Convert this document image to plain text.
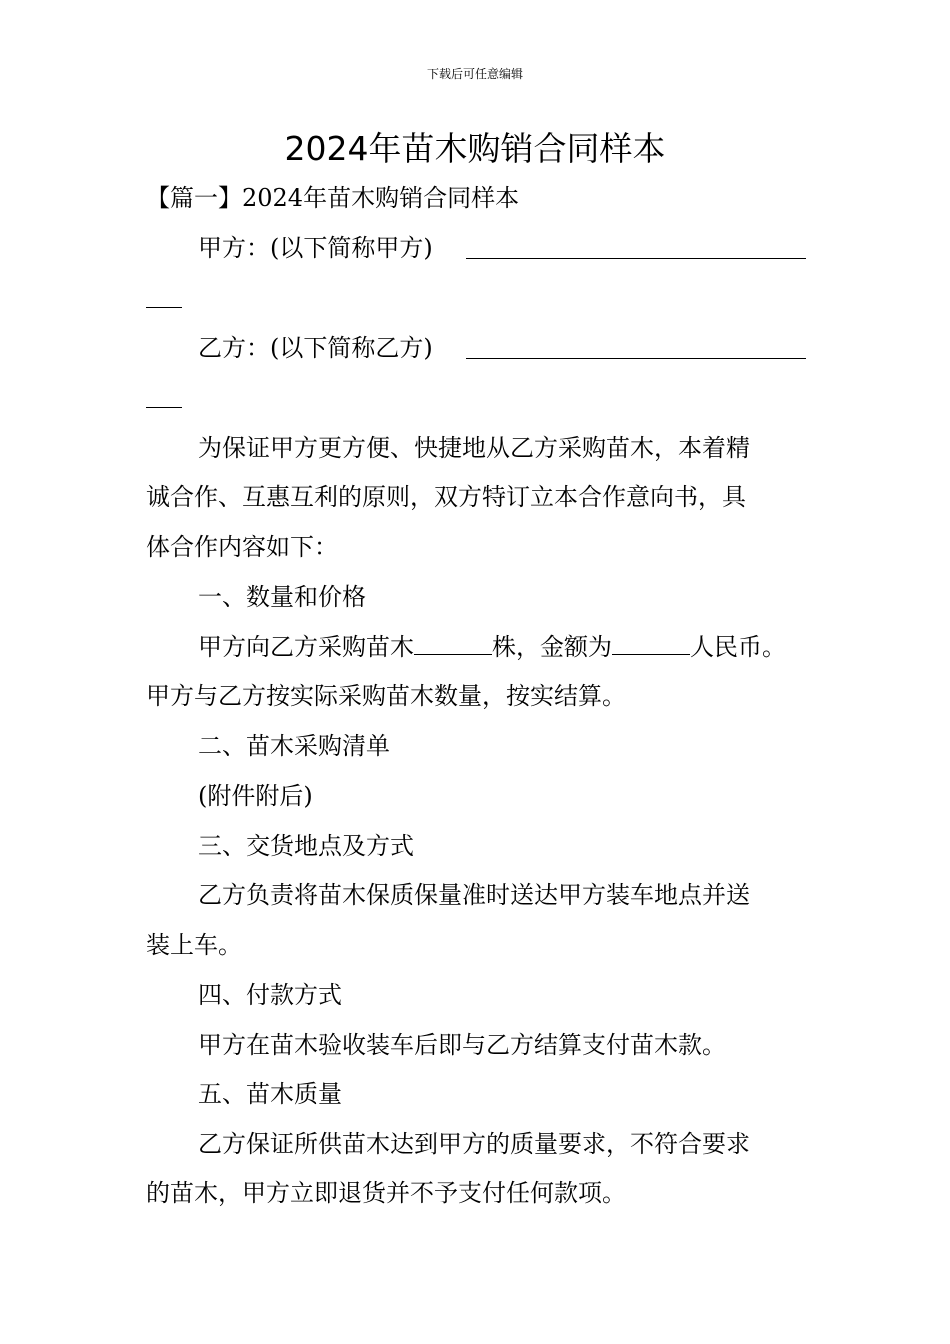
下载后可任意编辑
2024年苗木购销合同样本
【篇一】2024年苗木购销合同样本
甲方：(以下简称甲方)
乙方：(以下简称乙方)
为保证甲方更方便、快捷地从乙方采购苗木，本着精
诚合作、互惠互利的原则，双方特订立本合作意向书，具
体合作内容如下：
一、数量和价格
甲方向乙方采购苗木	株，金额为	人民币。
甲方与乙方按实际采购苗木数量，按实结算。
二、苗木采购清单
(附件附后)
三、交货地点及方式
乙方负责将苗木保质保量准时送达甲方装车地点并送
装上车。
四、付款方式
甲方在苗木验收装车后即与乙方结算支付苗木款。
五、苗木质量
乙方保证所供苗木达到甲方的质量要求，不符合要求
的苗木，甲方立即退货并不予支付任何款项。
